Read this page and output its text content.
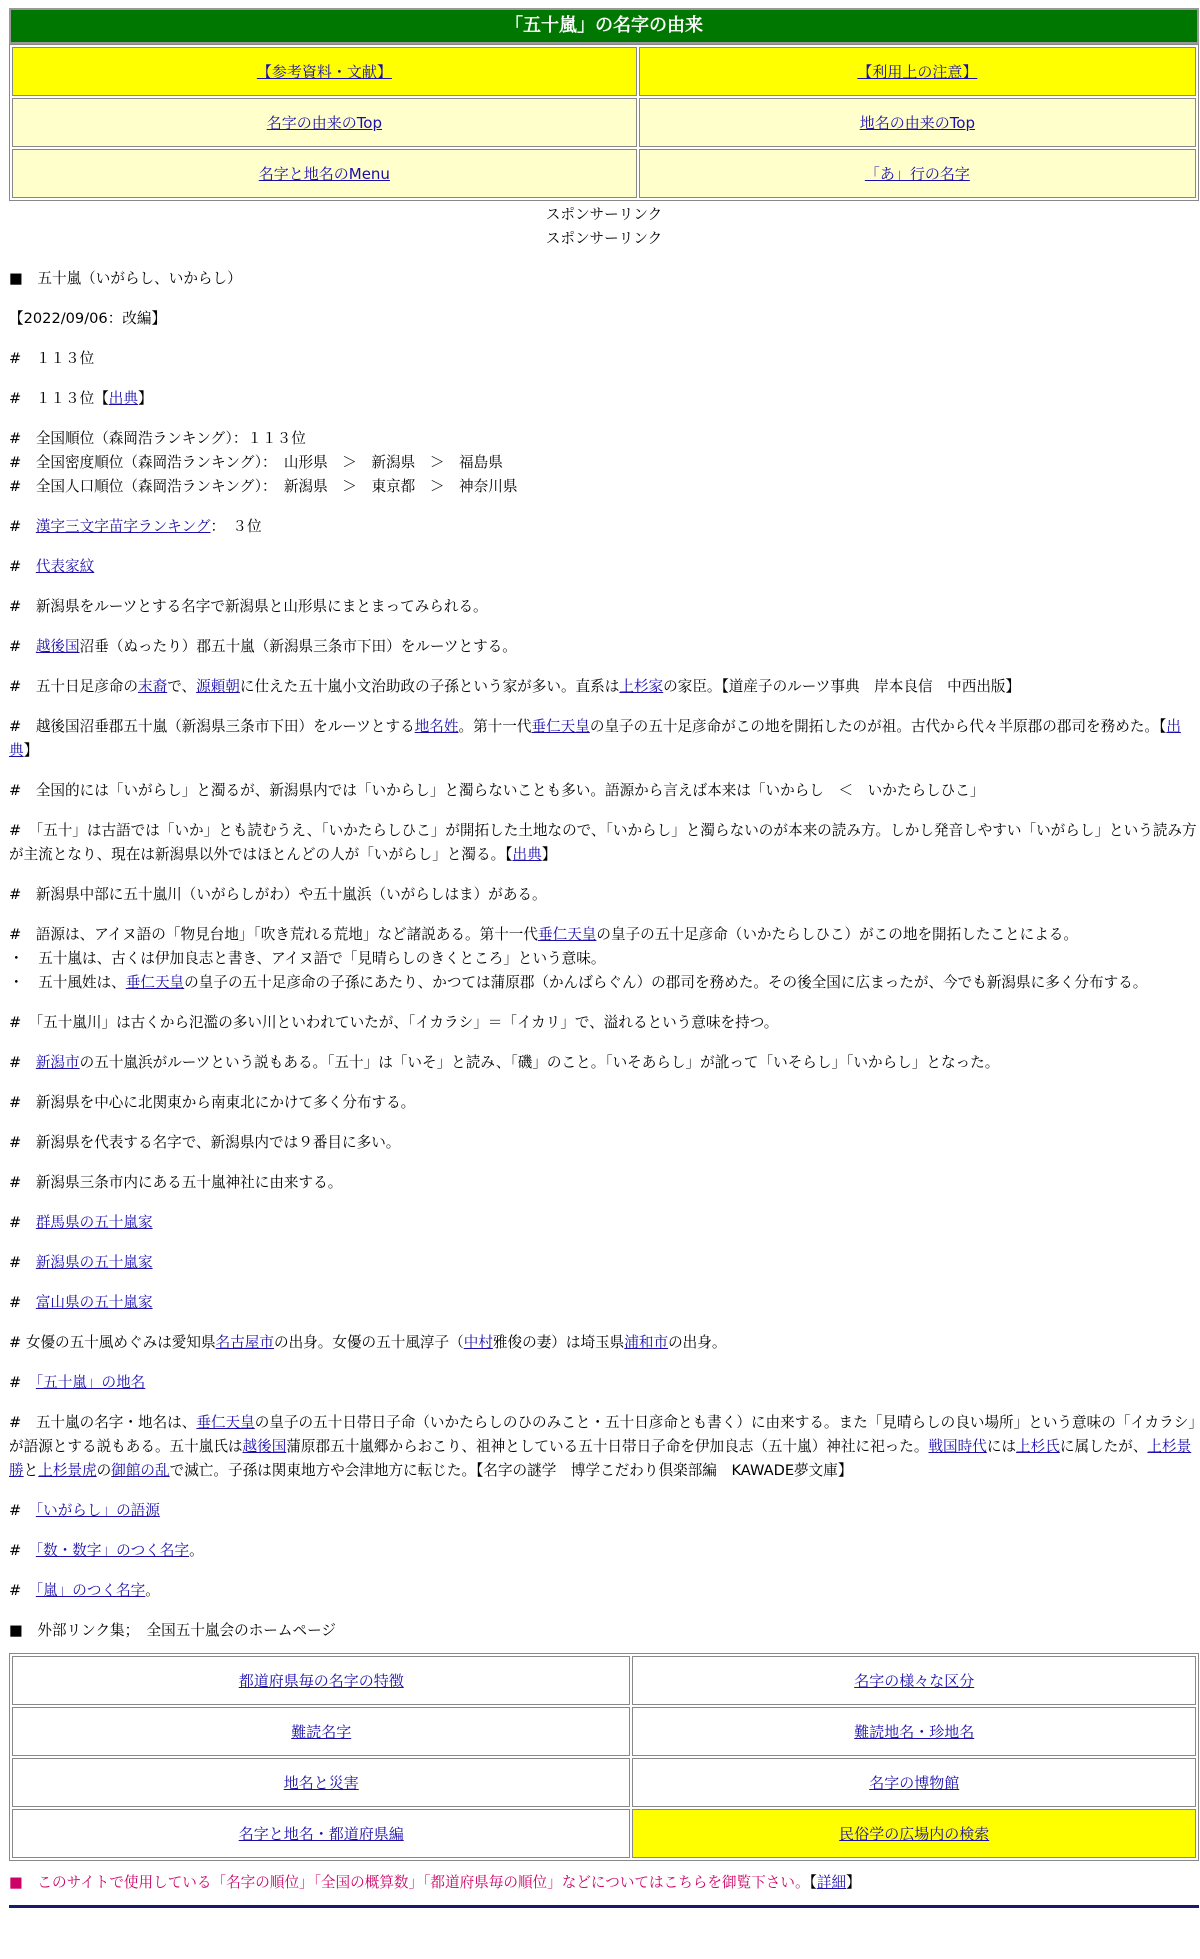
「五十嵐」の名字の由来
【参考資料・文献】	【利用上の注意】
名字の由来のTop	地名の由来のTop
名字と地名のMenu	「あ」行の名字
スポンサーリンク
スポンサーリンク

■　五十嵐（いがらし、いからし）

【2022/09/06：改編】

#　１１３位

#　１１３位【出典】

#　全国順位（森岡浩ランキング）：１１３位

#　全国密度順位（森岡浩ランキング）：　山形県　＞　新潟県　＞　福島県

#　全国人口順位（森岡浩ランキング）：　新潟県　＞　東京都　＞　神奈川県

#　漢字三文字苗字ランキング：　３位

#　代表家紋

#　新潟県をルーツとする名字で新潟県と山形県にまとまってみられる。

#　越後国沼垂（ぬったり）郡五十嵐（新潟県三条市下田）をルーツとする。

#　五十日足彦命の末裔で、源頼朝に仕えた五十嵐小文治助政の子孫という家が多い。直系は上杉家の家臣。【道産子のルーツ事典　岸本良信　中西出版】

#　越後国沼垂郡五十嵐（新潟県三条市下田）をルーツとする地名姓。第十一代垂仁天皇の皇子の五十足彦命がこの地を開拓したのが祖。古代から代々半原郡の郡司を務めた。【出典】

#　全国的には「いがらし」と濁るが、新潟県内では「いからし」と濁らないことも多い。語源から言えば本来は「いからし　＜　いかたらしひこ」

#　「五十」は古語では「いか」とも読むうえ、「いかたらしひこ」が開拓した土地なので、「いからし」と濁らないのが本来の読み方。しかし発音しやすい「いがらし」という読み方が主流となり、現在は新潟県以外ではほとんどの人が「いがらし」と濁る。【出典】

#　新潟県中部に五十嵐川（いがらしがわ）や五十嵐浜（いがらしはま）がある。

#　語源は、アイヌ語の「物見台地」「吹き荒れる荒地」など諸説ある。第十一代垂仁天皇の皇子の五十足彦命（いかたらしひこ）がこの地を開拓したことによる。

・　五十嵐は、古くは伊加良志と書き、アイヌ語で「見晴らしのきくところ」という意味。

・　五十風姓は、垂仁天皇の皇子の五十足彦命の子孫にあたり、かつては蒲原郡（かんばらぐん）の郡司を務めた。その後全国に広まったが、今でも新潟県に多く分布する。

#　「五十嵐川」は古くから氾濫の多い川といわれていたが、「イカラシ」＝「イカリ」で、溢れるという意味を持つ。

#　新潟市の五十嵐浜がルーツという説もある。「五十」は「いそ」と読み、「磯」のこと。「いそあらし」が訛って「いそらし」「いからし」となった。

#　新潟県を中心に北関東から南東北にかけて多く分布する。

#　新潟県を代表する名字で、新潟県内では９番目に多い。

#　新潟県三条市内にある五十嵐神社に由来する。

#　群馬県の五十嵐家

#　新潟県の五十嵐家

#　富山県の五十嵐家

# 女優の五十風めぐみは愛知県名古屋市の出身。女優の五十風淳子（中村雅俊の妻）は埼玉県浦和市の出身。

#　「五十嵐」の地名

#　五十嵐の名字・地名は、垂仁天皇の皇子の五十日帯日子命（いかたらしのひのみこと・五十日彦命とも書く）に由来する。また「見晴らしの良い場所」という意味の「イカラシ」が語源とする説もある。五十嵐氏は越後国蒲原郡五十嵐郷からおこり、祖神としている五十日帯日子命を伊加良志（五十嵐）神社に祀った。戦国時代には上杉氏に属したが、上杉景勝と上杉景虎の御館の乱で滅亡。子孫は関東地方や会津地方に転じた。【名字の謎学　博学こだわり倶楽部編　KAWADE夢文庫】

#　「いがらし」の語源

#　「数・数字」のつく名字。

#　「嵐」のつく名字。

■　外部リンク集；　全国五十嵐会のホームページ

都道府県毎の名字の特徴	名字の様々な区分
難読名字	難読地名・珍地名
地名と災害	名字の博物館
名字と地名・都道府県編	民俗学の広場内の検索

■　このサイトで使用している「名字の順位」「全国の概算数」「都道府県毎の順位」などについてはこちらを御覧下さい。【詳細】
